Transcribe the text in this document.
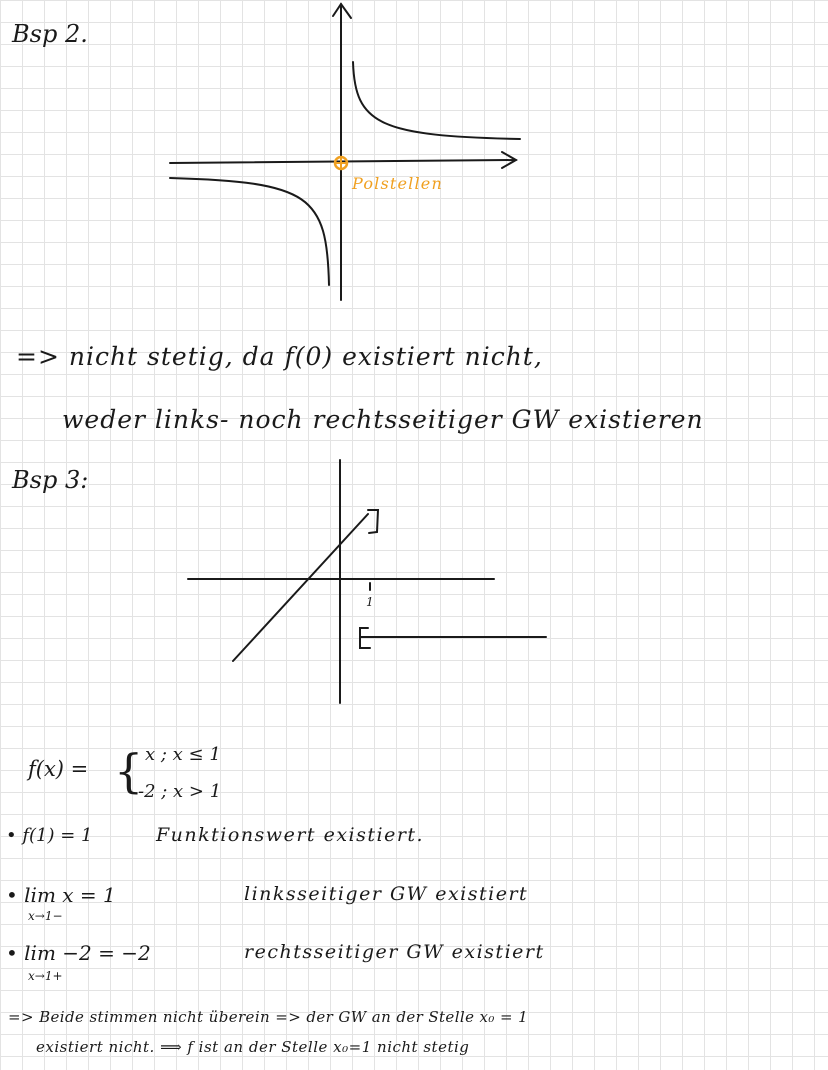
Bsp 2.
Bsp 3:
Polstellen
=> nicht stetig, da f(0) existiert nicht,
weder links- noch rechtsseitiger GW existieren
1
f(x) = { x ; x ≤ 1
-2 ; x > 1
• f(1) = 1	Funktionswert existiert.
• lim x = 1
x→1−
linksseitiger GW existiert
• lim −2 = −2
x→1+
rechtsseitiger GW existiert
=> Beide stimmen nicht überein => der GW an der Stelle x₀ = 1
existiert nicht. ⟹ f ist an der Stelle x₀=1 nicht stetig
